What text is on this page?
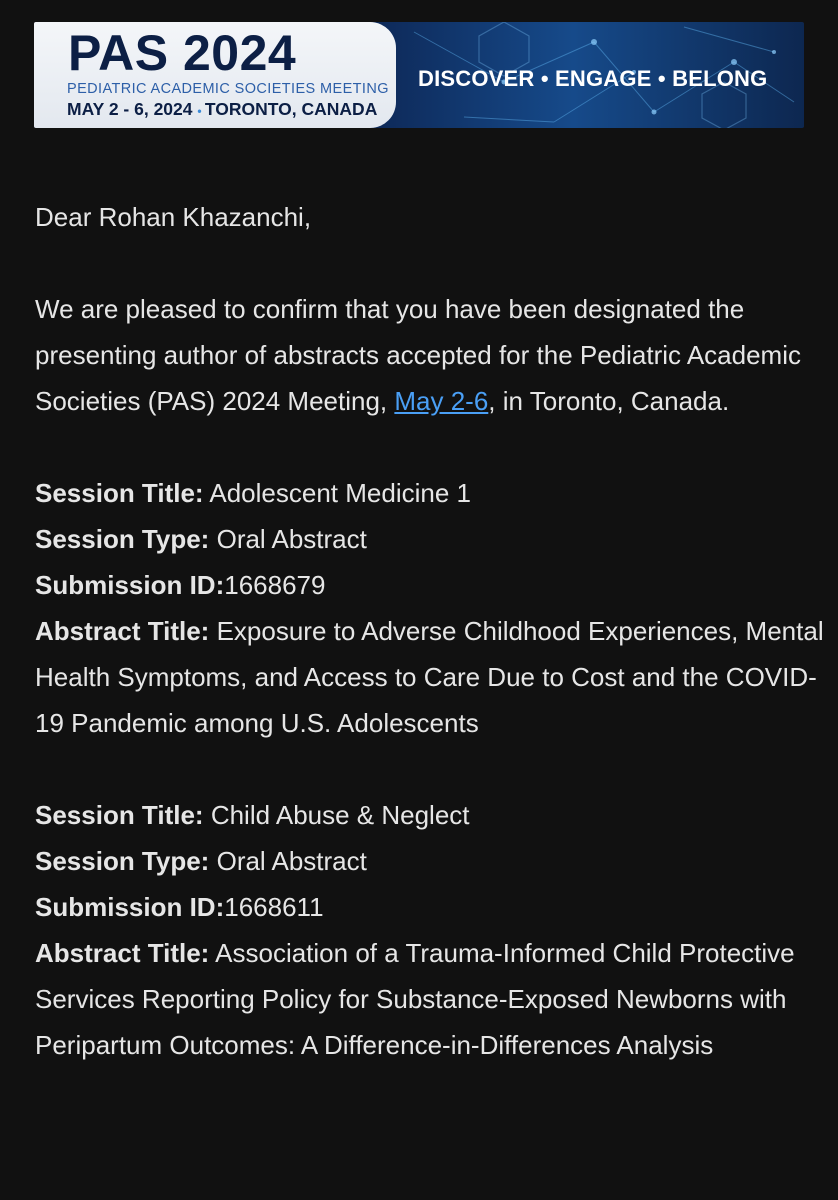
PAS 2024
PEDIATRIC ACADEMIC SOCIETIES MEETING
MAY 2 - 6, 2024 • TORONTO, CANADA
DISCOVER • ENGAGE • BELONG

Dear Rohan Khazanchi,

We are pleased to confirm that you have been designated the presenting author of abstracts accepted for the Pediatric Academic Societies (PAS) 2024 Meeting, May 2-6, in Toronto, Canada.

Session Title: Adolescent Medicine 1

Session Type: Oral Abstract

Submission ID:1668679

Abstract Title: Exposure to Adverse Childhood Experiences, Mental Health Symptoms, and Access to Care Due to Cost and the COVID-19 Pandemic among U.S. Adolescents

Session Title: Child Abuse & Neglect

Session Type: Oral Abstract

Submission ID:1668611

Abstract Title: Association of a Trauma-Informed Child Protective Services Reporting Policy for Substance-Exposed Newborns with Peripartum Outcomes: A Difference-in-Differences Analysis
